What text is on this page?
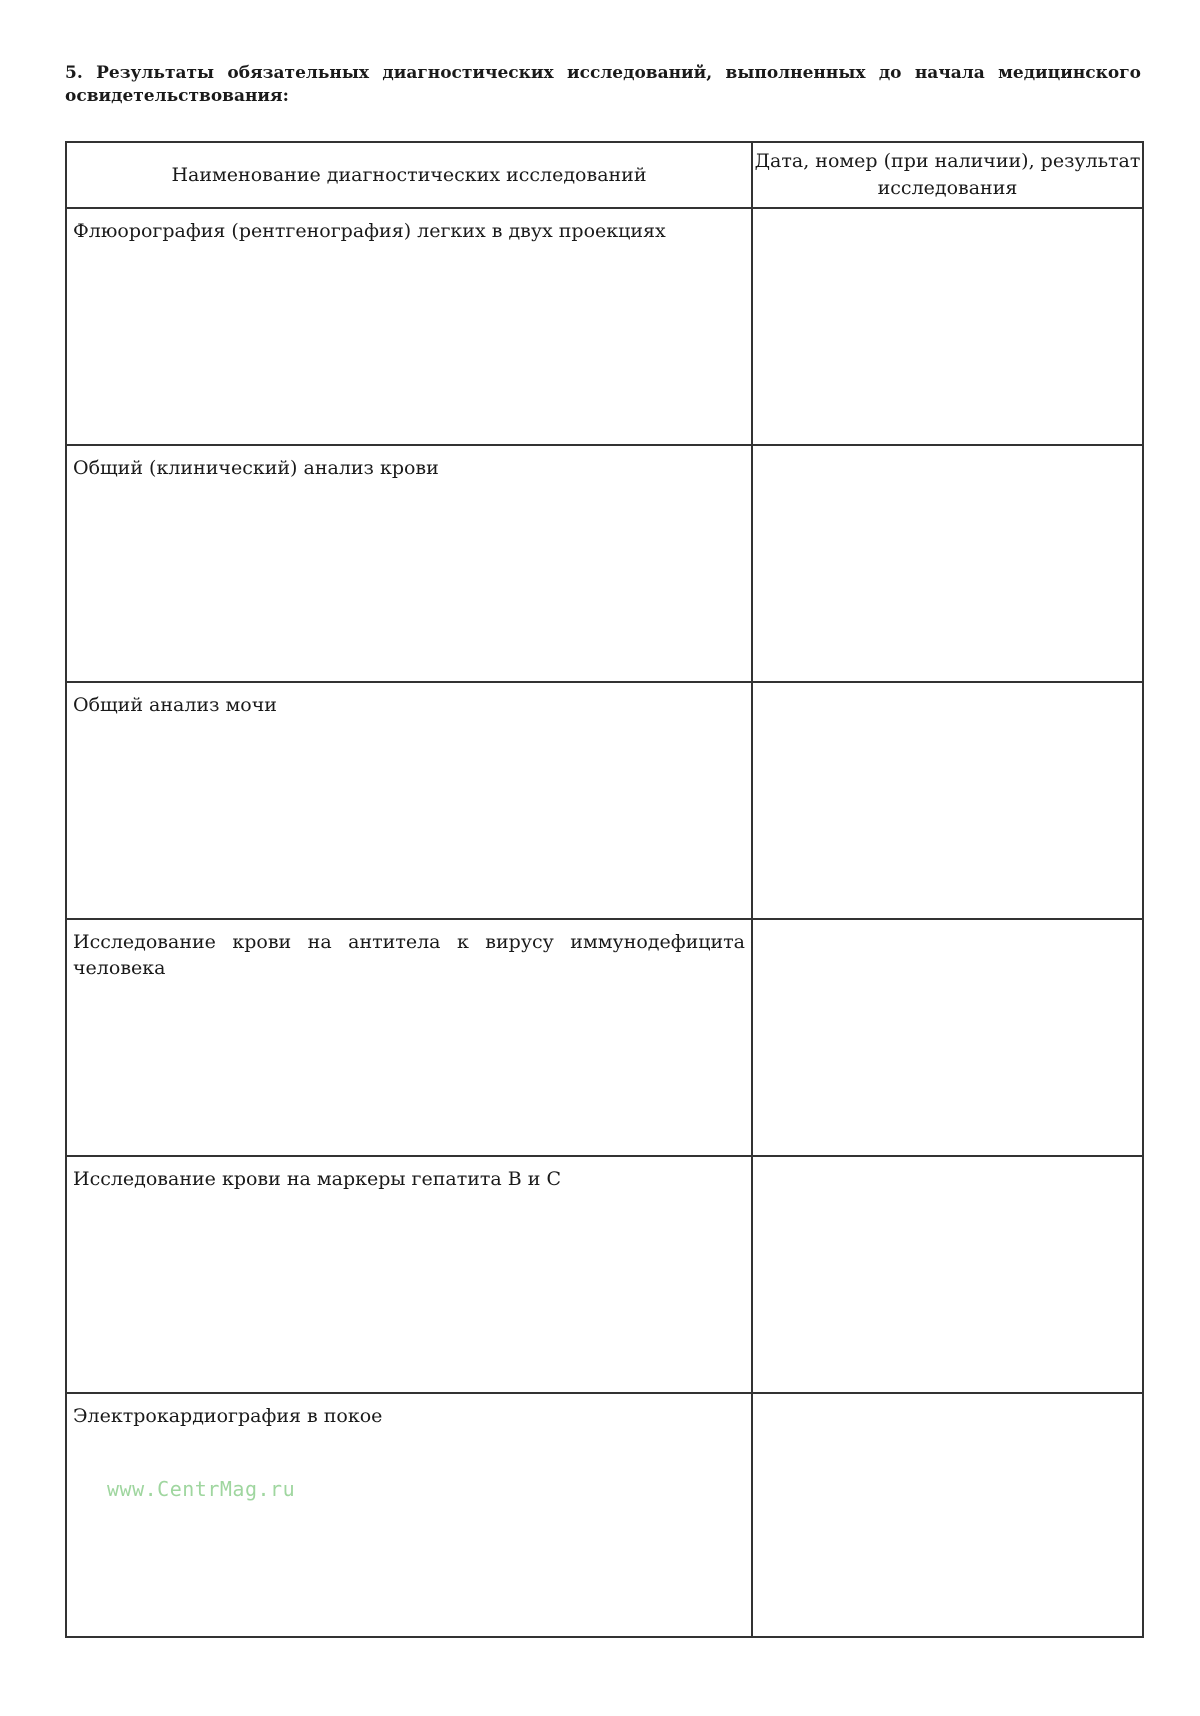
5. Результаты обязательных диагностических исследований, выполненных до начала медицинского освидетельствования:

Наименование диагностических исследований	Дата, номер (при наличии), результат исследования
Флюорография (рентгенография) легких в двух проекциях	

Общий (клинический) анализ крови	

Общий анализ мочи	

Исследование крови на антитела к вирусу иммунодефицита человека	

Исследование крови на маркеры гепатита B и C	

Электрокардиография в покое
www.CentrMag.ru	
